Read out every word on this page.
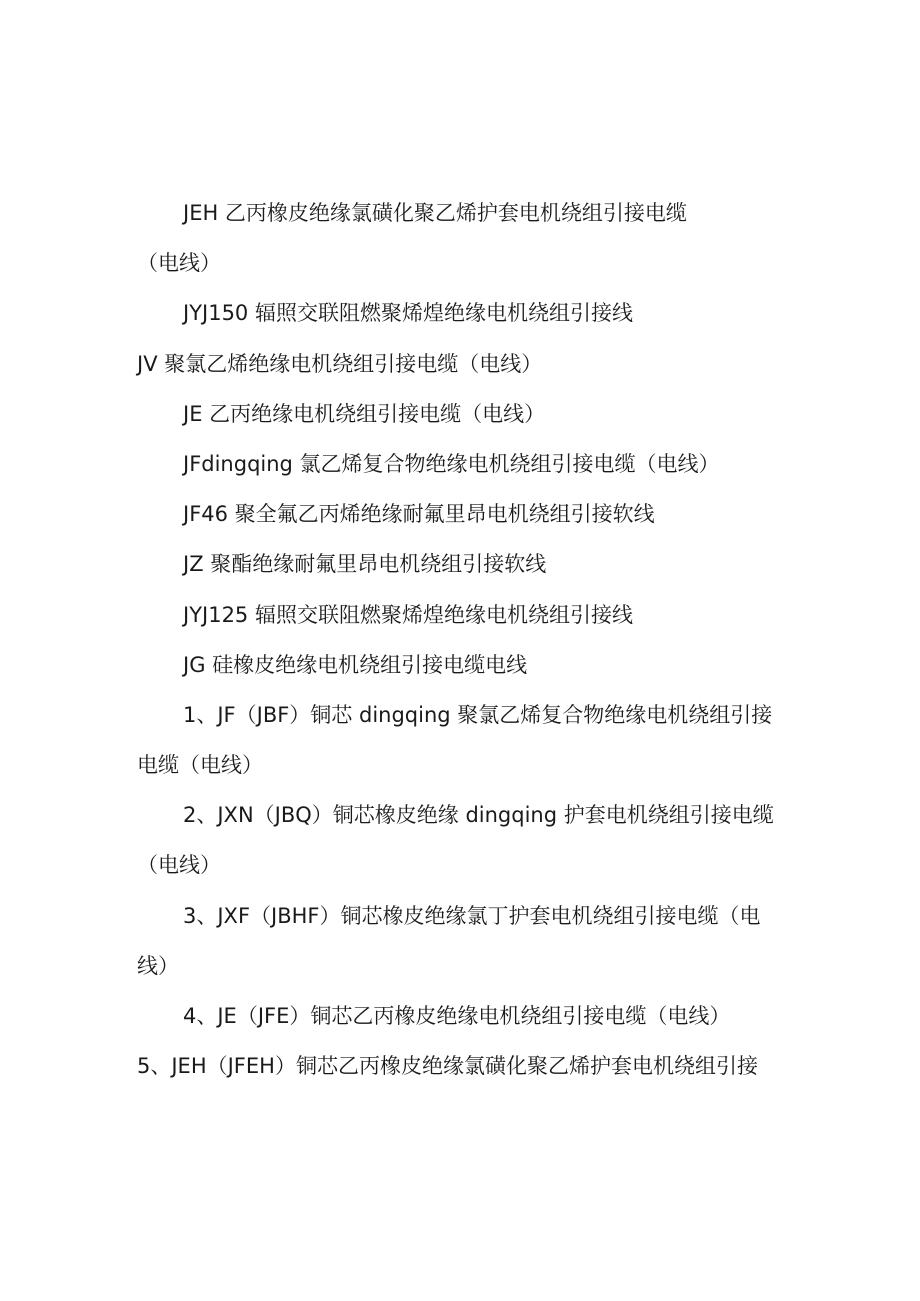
JEH 乙丙橡皮绝缘氯磺化聚乙烯护套电机绕组引接电缆
（电线）
JYJ150 辐照交联阻燃聚烯煌绝缘电机绕组引接线
JV 聚氯乙烯绝缘电机绕组引接电缆（电线）
JE 乙丙绝缘电机绕组引接电缆（电线）
JFdingqing 氯乙烯复合物绝缘电机绕组引接电缆（电线）
JF46 聚全氟乙丙烯绝缘耐氟里昂电机绕组引接软线
JZ 聚酯绝缘耐氟里昂电机绕组引接软线
JYJ125 辐照交联阻燃聚烯煌绝缘电机绕组引接线
JG 硅橡皮绝缘电机绕组引接电缆电线
1、JF（JBF）铜芯 dingqing 聚氯乙烯复合物绝缘电机绕组引接
电缆（电线）
2、JXN（JBQ）铜芯橡皮绝缘 dingqing 护套电机绕组引接电缆
（电线）
3、JXF（JBHF）铜芯橡皮绝缘氯丁护套电机绕组引接电缆（电
线）
4、JE（JFE）铜芯乙丙橡皮绝缘电机绕组引接电缆（电线）
5、JEH（JFEH）铜芯乙丙橡皮绝缘氯磺化聚乙烯护套电机绕组引接
